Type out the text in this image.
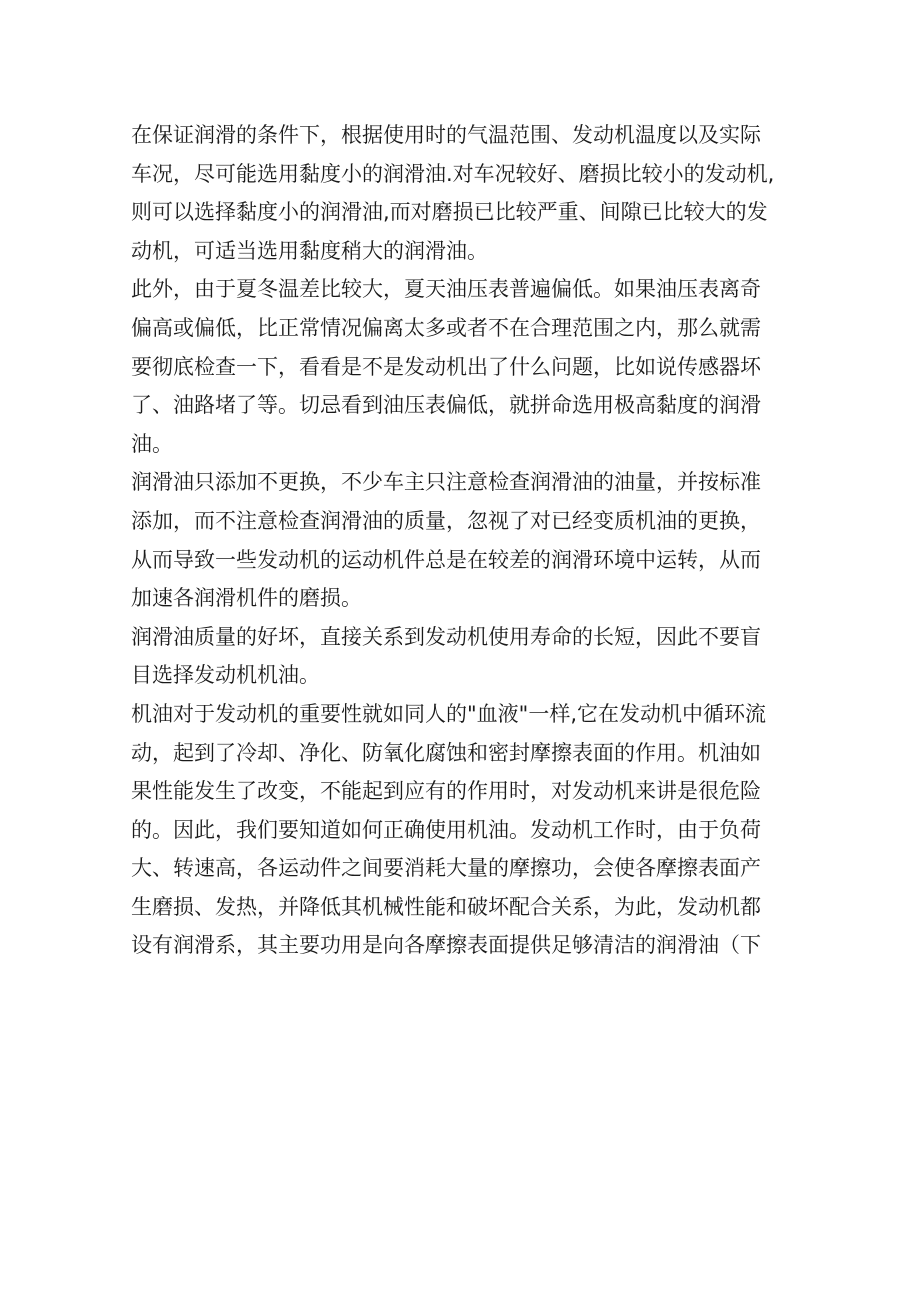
在保证润滑的条件下，根据使用时的气温范围、发动机温度以及实际
车况，尽可能选用黏度小的润滑油.对车况较好、磨损比较小的发动机,
则可以选择黏度小的润滑油,而对磨损已比较严重、间隙已比较大的发
动机，可适当选用黏度稍大的润滑油。

此外，由于夏冬温差比较大，夏天油压表普遍偏低。如果油压表离奇
偏高或偏低，比正常情况偏离太多或者不在合理范围之内，那么就需
要彻底检查一下，看看是不是发动机出了什么问题，比如说传感器坏
了、油路堵了等。切忌看到油压表偏低，就拼命选用极高黏度的润滑
油。

润滑油只添加不更换，不少车主只注意检查润滑油的油量，并按标准
添加，而不注意检查润滑油的质量，忽视了对已经变质机油的更换，
从而导致一些发动机的运动机件总是在较差的润滑环境中运转，从而
加速各润滑机件的磨损。

润滑油质量的好坏，直接关系到发动机使用寿命的长短，因此不要盲
目选择发动机机油。

机油对于发动机的重要性就如同人的"血液"一样,它在发动机中循环流
动，起到了冷却、净化、防氧化腐蚀和密封摩擦表面的作用。机油如
果性能发生了改变，不能起到应有的作用时，对发动机来讲是很危险
的。因此，我们要知道如何正确使用机油。发动机工作时，由于负荷
大、转速高，各运动件之间要消耗大量的摩擦功，会使各摩擦表面产
生磨损、发热，并降低其机械性能和破坏配合关系，为此，发动机都
设有润滑系，其主要功用是向各摩擦表面提供足够清洁的润滑油（下
